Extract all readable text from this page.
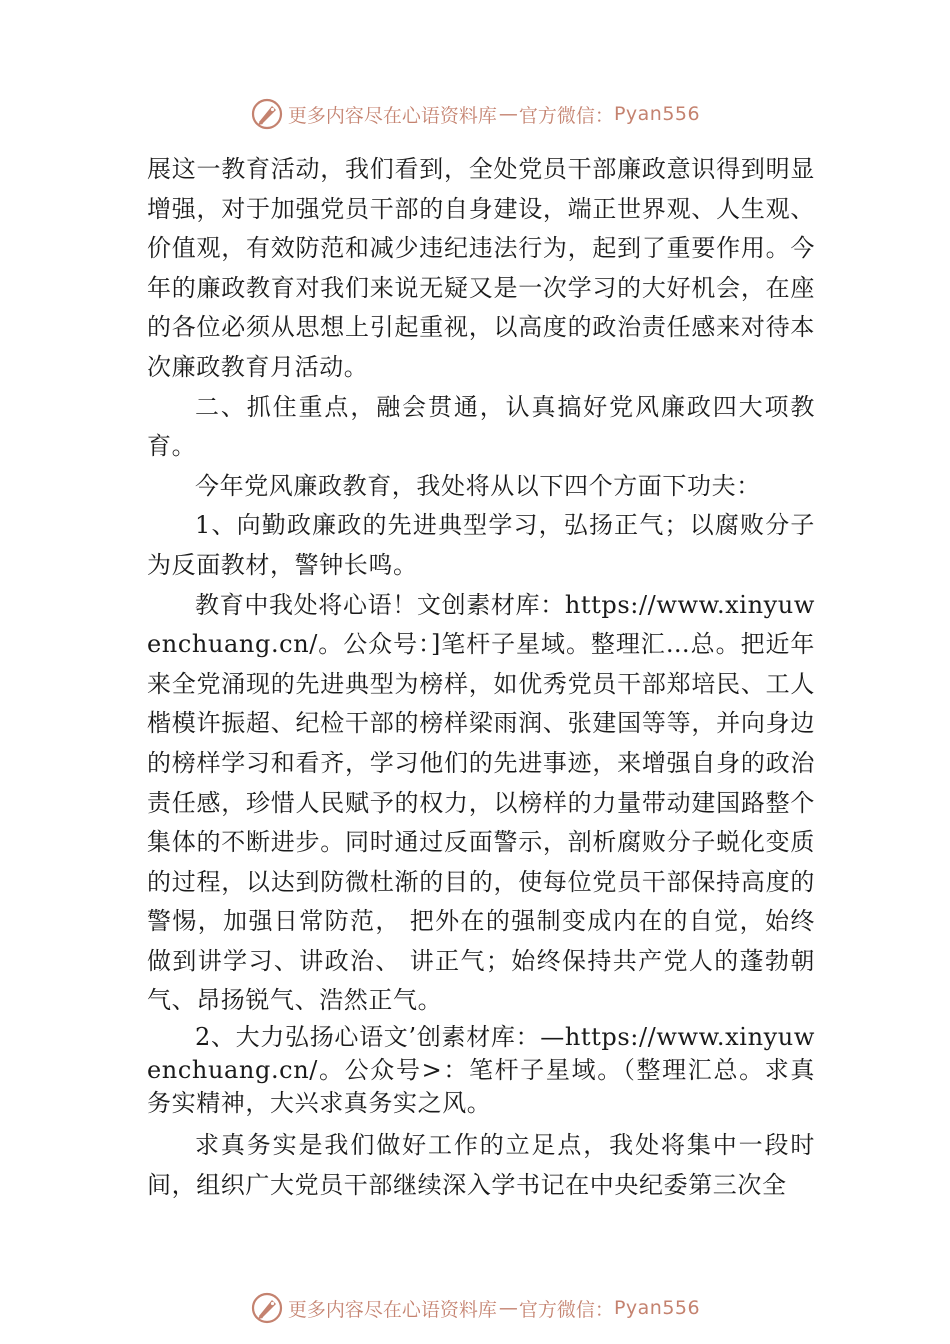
更多内容尽在心语资料库 — 官方微信： Pyan556

展这一教育活动，我们看到，全处党员干部廉政意识得到明显增强，对于加强党员干部的自身建设，端正世界观、人生观、价值观，有效防范和减少违纪违法行为，起到了重要作用。今年的廉政教育对我们来说无疑又是一次学习的大好机会，在座的各位必须从思想上引起重视，以高度的政治责任感来对待本次廉政教育月活动。

二、抓住重点，融会贯通，认真搞好党风廉政四大项教育。

今年党风廉政教育，我处将从以下四个方面下功夫：

1、向勤政廉政的先进典型学习，弘扬正气；以腐败分子为反面教材，警钟长鸣。

教育中我处将心语！文创素材库：https://www.xinyuwenchuang.cn/。公众号：]笔杆子星域。整理汇…总。把近年来全党涌现的先进典型为榜样，如优秀党员干部郑培民、工人楷模许振超、纪检干部的榜样梁雨润、张建国等等，并向身边的榜样学习和看齐，学习他们的先进事迹，来增强自身的政治责任感，珍惜人民赋予的权力，以榜样的力量带动建国路整个集体的不断进步。同时通过反面警示，剖析腐败分子蜕化变质的过程，以达到防微杜渐的目的，使每位党员干部保持高度的警惕，加强日常防范， 把外在的强制变成内在的自觉，始终做到讲学习、讲政治、 讲正气；始终保持共产党人的蓬勃朝气、昂扬锐气、浩然正气。

2、大力弘扬心语文’创素材库：—https://www.xinyuwenchuang.cn/。公众号>：笔杆子星域。（整理汇总。求真务实精神，大兴求真务实之风。

求真务实是我们做好工作的立足点，我处将集中一段时间，组织广大党员干部继续深入学书记在中央纪委第三次全

更多内容尽在心语资料库 — 官方微信： Pyan556
